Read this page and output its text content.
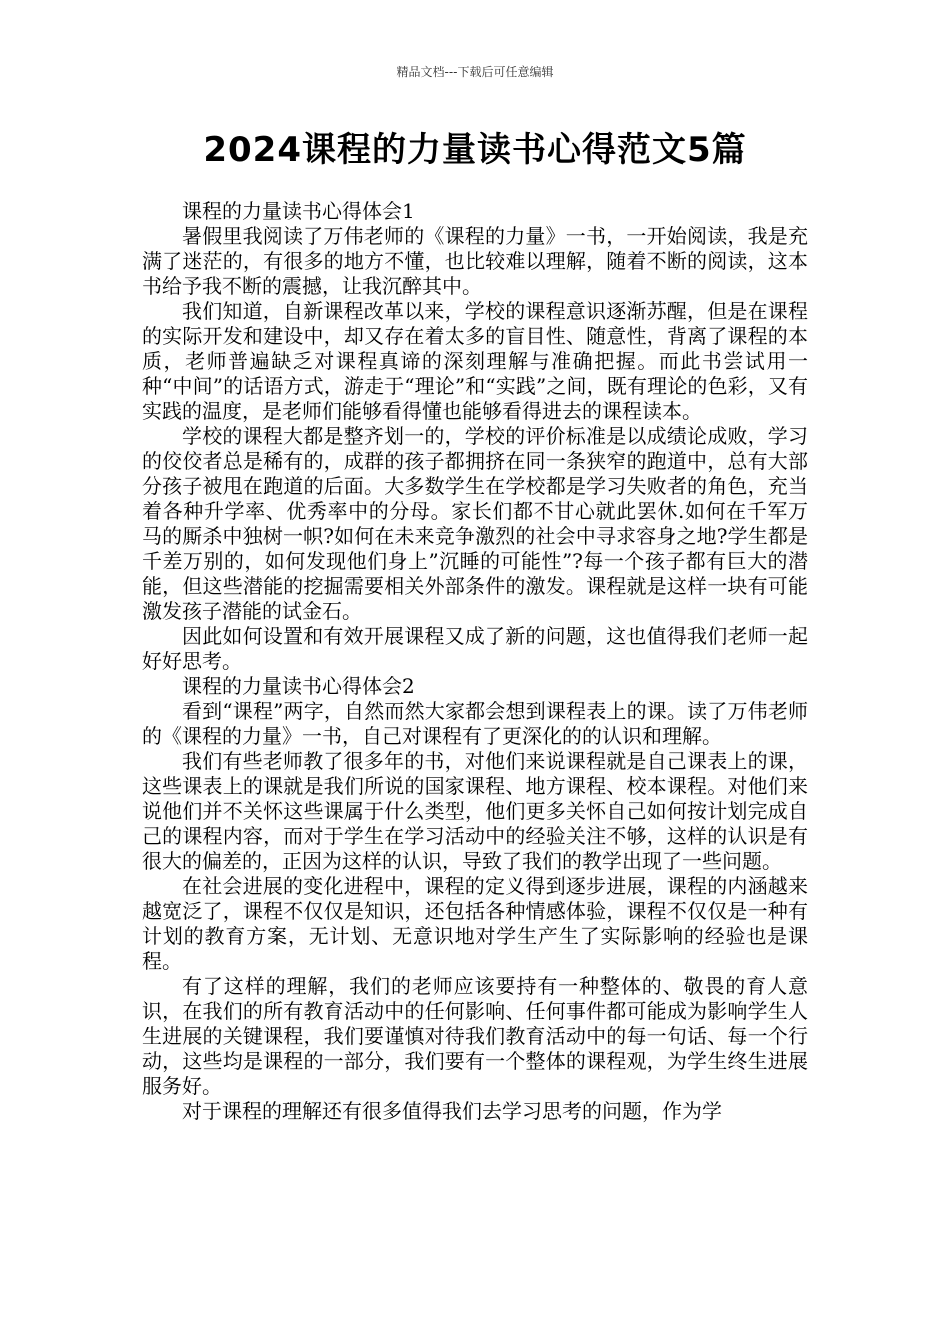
精品文档---下载后可任意编辑
2024课程的力量读书心得范文5篇

课程的力量读书心得体会1

暑假里我阅读了万伟老师的《课程的力量》一书，一开始阅读，我是充满了迷茫的，有很多的地方不懂，也比较难以理解，随着不断的阅读，这本书给予我不断的震撼，让我沉醉其中。

我们知道，自新课程改革以来，学校的课程意识逐渐苏醒，但是在课程的实际开发和建设中，却又存在着太多的盲目性、随意性，背离了课程的本质，老师普遍缺乏对课程真谛的深刻理解与准确把握。而此书尝试用一种“中间”的话语方式，游走于“理论”和“实践”之间，既有理论的色彩，又有实践的温度，是老师们能够看得懂也能够看得进去的课程读本。

学校的课程大都是整齐划一的，学校的评价标准是以成绩论成败，学习的佼佼者总是稀有的，成群的孩子都拥挤在同一条狭窄的跑道中，总有大部分孩子被甩在跑道的后面。大多数学生在学校都是学习失败者的角色，充当着各种升学率、优秀率中的分母。家长们都不甘心就此罢休.如何在千军万马的厮杀中独树一帜?如何在未来竞争激烈的社会中寻求容身之地?学生都是千差万别的，如何发现他们身上”沉睡的可能性”?每一个孩子都有巨大的潜能，但这些潜能的挖掘需要相关外部条件的激发。课程就是这样一块有可能激发孩子潜能的试金石。

因此如何设置和有效开展课程又成了新的问题，这也值得我们老师一起好好思考。

课程的力量读书心得体会2

看到“课程”两字，自然而然大家都会想到课程表上的课。读了万伟老师的《课程的力量》一书，自己对课程有了更深化的的认识和理解。

我们有些老师教了很多年的书，对他们来说课程就是自己课表上的课，这些课表上的课就是我们所说的国家课程、地方课程、校本课程。对他们来说他们并不关怀这些课属于什么类型，他们更多关怀自己如何按计划完成自己的课程内容，而对于学生在学习活动中的经验关注不够，这样的认识是有很大的偏差的，正因为这样的认识，导致了我们的教学出现了一些问题。

在社会进展的变化进程中，课程的定义得到逐步进展，课程的内涵越来越宽泛了，课程不仅仅是知识，还包括各种情感体验，课程不仅仅是一种有计划的教育方案，无计划、无意识地对学生产生了实际影响的经验也是课程。

有了这样的理解，我们的老师应该要持有一种整体的、敬畏的育人意识，在我们的所有教育活动中的任何影响、任何事件都可能成为影响学生人生进展的关键课程，我们要谨慎对待我们教育活动中的每一句话、每一个行动，这些均是课程的一部分，我们要有一个整体的课程观，为学生终生进展服务好。

对于课程的理解还有很多值得我们去学习思考的问题，作为学
